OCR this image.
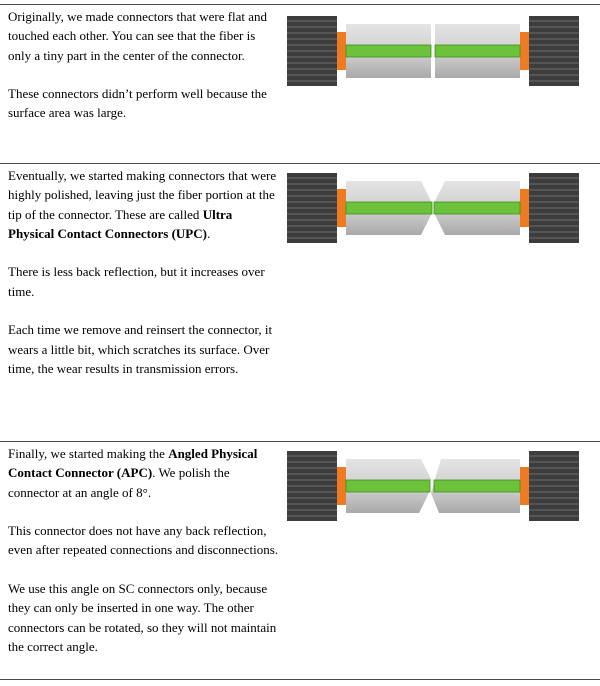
Originally, we made connectors that were flat and touched each other. You can see that the fiber is only a tiny part in the center of the connector.

These connectors didn’t perform well because the surface area was large.

Eventually, we started making connectors that were highly polished, leaving just the fiber portion at the tip of the connector. These are called Ultra Physical Contact Connectors (UPC).

There is less back reflection, but it increases over time.

Each time we remove and reinsert the connector, it wears a little bit, which scratches its surface. Over time, the wear results in transmission errors.

Finally, we started making the Angled Physical Contact Connector (APC). We polish the connector at an angle of 8°.

This connector does not have any back reflection, even after repeated connections and disconnections.

We use this angle on SC connectors only, because they can only be inserted in one way. The other connectors can be rotated, so they will not maintain the correct angle.
